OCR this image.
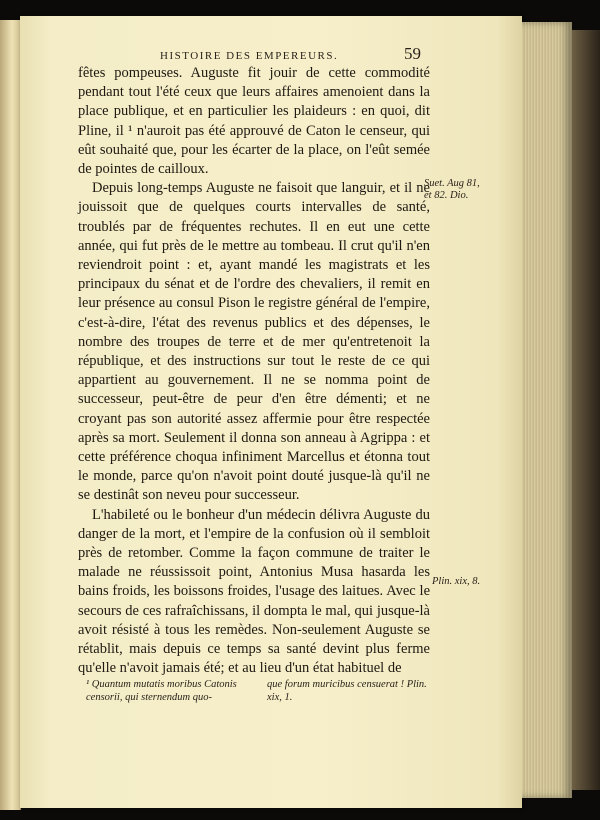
HISTOIRE DES EMPEREURS.	59

fêtes pompeuses. Auguste fit jouir de cette commodité pendant tout l'été ceux que leurs affaires amenoient dans la place publique, et en particulier les plaideurs : en quoi, dit Pline, il ¹ n'auroit pas été approuvé de Caton le censeur, qui eût souhaité que, pour les écarter de la place, on l'eût semée de pointes de cailloux.

Depuis long-temps Auguste ne faisoit que languir, et il ne jouissoit que de quelques courts intervalles de santé, troublés par de fréquentes rechutes. Il en eut une cette année, qui fut près de le mettre au tombeau. Il crut qu'il n'en reviendroit point : et, ayant mandé les magistrats et les principaux du sénat et de l'ordre des chevaliers, il remit en leur présence au consul Pison le registre général de l'empire, c'est-à-dire, l'état des revenus publics et des dépenses, le nombre des troupes de terre et de mer qu'entretenoit la république, et des instructions sur tout le reste de ce qui appartient au gouvernement. Il ne se nomma point de successeur, peut-être de peur d'en être démenti; et ne croyant pas son autorité assez affermie pour être respectée après sa mort. Seulement il donna son anneau à Agrippa : et cette préférence choqua infiniment Marcellus et étonna tout le monde, parce qu'on n'avoit point douté jusque-là qu'il ne se destinât son neveu pour successeur.

L'habileté ou le bonheur d'un médecin délivra Auguste du danger de la mort, et l'empire de la confusion où il sembloit près de retomber. Comme la façon commune de traiter le malade ne réussissoit point, Antonius Musa hasarda les bains froids, les boissons froides, l'usage des laitues. Avec le secours de ces rafraîchissans, il dompta le mal, qui jusque-là avoit résisté à tous les remèdes. Non-seulement Auguste se rétablit, mais depuis ce temps sa santé devint plus ferme qu'elle n'avoit jamais été; et au lieu d'un état habituel de

Suet. Aug 81, et 82. Dio.
Plin. xix, 8.
¹ Quantum mutatis moribus Catonis censorii, qui sternendum quo-
que forum muricibus censuerat ! Plin. xix, 1.
